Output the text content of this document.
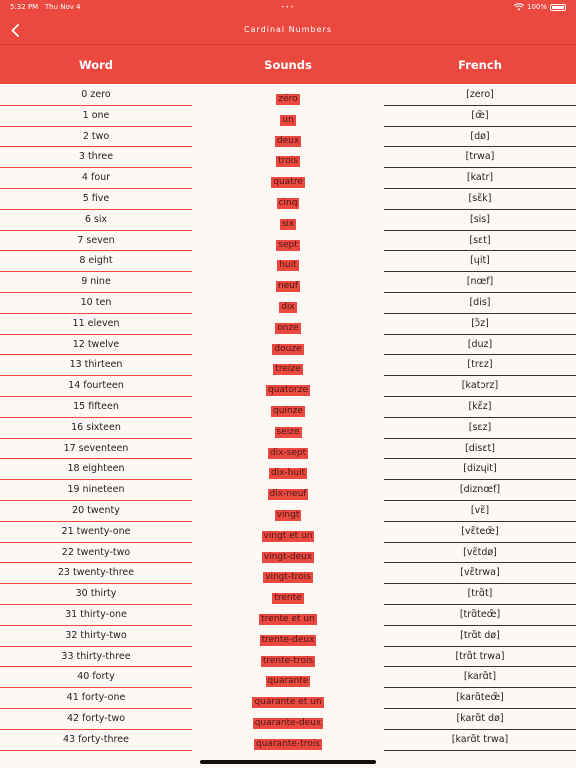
5:32 PM Thu Nov 4	•••	100%
Cardinal Numbers
Word	Sounds	French
0 zero	zéro	[zero]
1 one	un	[œ̃]
2 two	deux	[dø]
3 three	trois	[trwa]
4 four	quatre	[katr]
5 five	cinq	[sɛ̃k]
6 six	six	[sis]
7 seven	sept	[sɛt]
8 eight	huit	[ɥit]
9 nine	neuf	[nœf]
10 ten	dix	[dis]
11 eleven	onze	[ɔ̃z]
12 twelve	douze	[duz]
13 thirteen	treize	[trɛz]
14 fourteen	quatorze	[katɔrz]
15 fifteen	quinze	[kɛ̃z]
16 sixteen	seize	[sɛz]
17 seventeen	dix-sept	[disɛt]
18 eighteen	dix-huit	[dizɥit]
19 nineteen	dix-neuf	[diznœf]
20 twenty	vingt	[vɛ̃]
21 twenty-one	vingt et un	[vɛ̃teœ̃]
22 twenty-two	vingt-deux	[vɛ̃tdø]
23 twenty-three	vingt-trois	[vɛ̃trwa]
30 thirty	trente	[trɑ̃t]
31 thirty-one	trente et un	[trɑ̃teœ̃]
32 thirty-two	trente-deux	[trɑ̃t dø]
33 thirty-three	trente-trois	[trɑ̃t trwa]
40 forty	quarante	[karɑ̃t]
41 forty-one	quarante et un	[karɑ̃teœ̃]
42 forty-two	quarante-deux	[karɑ̃t dø]
43 forty-three	quarante-trois	[karɑ̃t trwa]
